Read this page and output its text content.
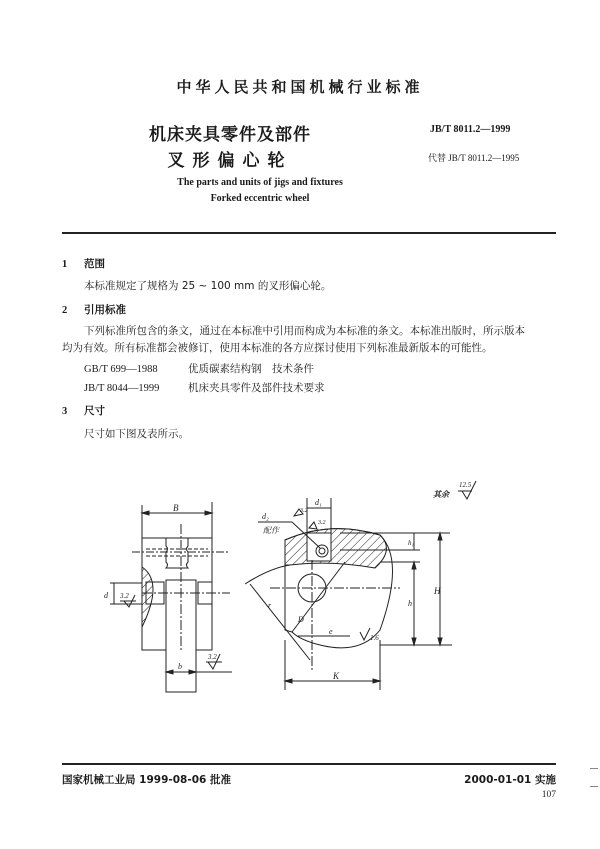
中华人民共和国机械行业标准
机床夹具零件及部件
叉形偏心轮
JB/T 8011.2—1999
代替 JB/T 8011.2—1995
The parts and units of jigs and fixtures
Forked eccentric wheel
1 范围
本标准规定了规格为 25 ~ 100 mm 的叉形偏心轮。
2 引用标准
下列标准所包含的条文，通过在本标准中引用而构成为本标准的条文。本标准出版时，所示版本
均为有效。所有标准都会被修订，使用本标准的各方应探讨使用下列标准最新版本的可能性。
GB/T 699—1988	优质碳素结构钢　技术条件
JB/T 8044—1999	机床夹具零件及部件技术要求
3 尺寸
尺寸如下图及表所示。
B
d 3.2
b
3.2
r
D
e
1.6
K
d₁
d₂
配作
3.2
3.2
h₁
h
H
其余
12.5
国家机械工业局 1999-08-06 批准	2000-01-01 实施
107
